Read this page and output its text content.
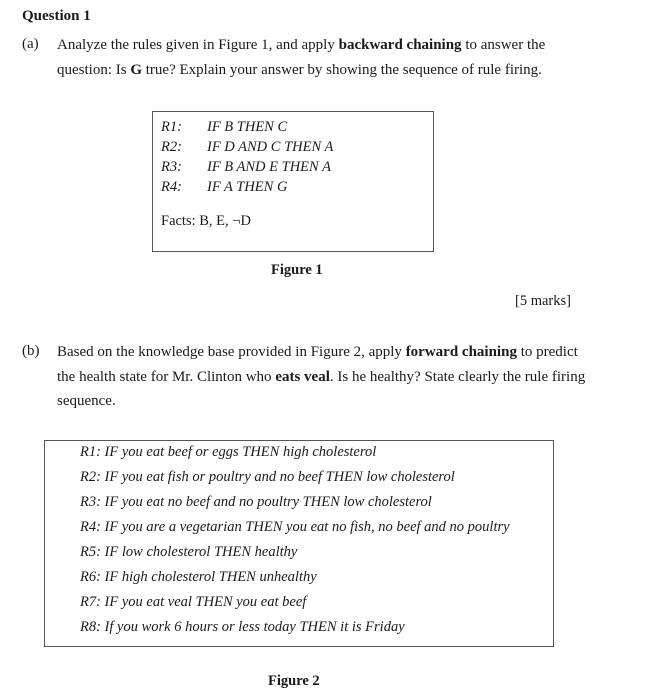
Question 1
(a) Analyze the rules given in Figure 1, and apply backward chaining to answer the
question: Is G true? Explain your answer by showing the sequence of rule firing.
R1: IF B THEN C
R2: IF D AND C THEN A
R3: IF B AND E THEN A
R4: IF A THEN G
Facts: B, E, ¬D
Figure 1
[5 marks]
(b) Based on the knowledge base provided in Figure 2, apply forward chaining to predict
the health state for Mr. Clinton who eats veal. Is he healthy? State clearly the rule firing
sequence.
R1: IF you eat beef or eggs THEN high cholesterol
R2: IF you eat fish or poultry and no beef THEN low cholesterol
R3: IF you eat no beef and no poultry THEN low cholesterol
R4: IF you are a vegetarian THEN you eat no fish, no beef and no poultry
R5: IF low cholesterol THEN healthy
R6: IF high cholesterol THEN unhealthy
R7: IF you eat veal THEN you eat beef
R8: If you work 6 hours or less today THEN it is Friday
Figure 2
